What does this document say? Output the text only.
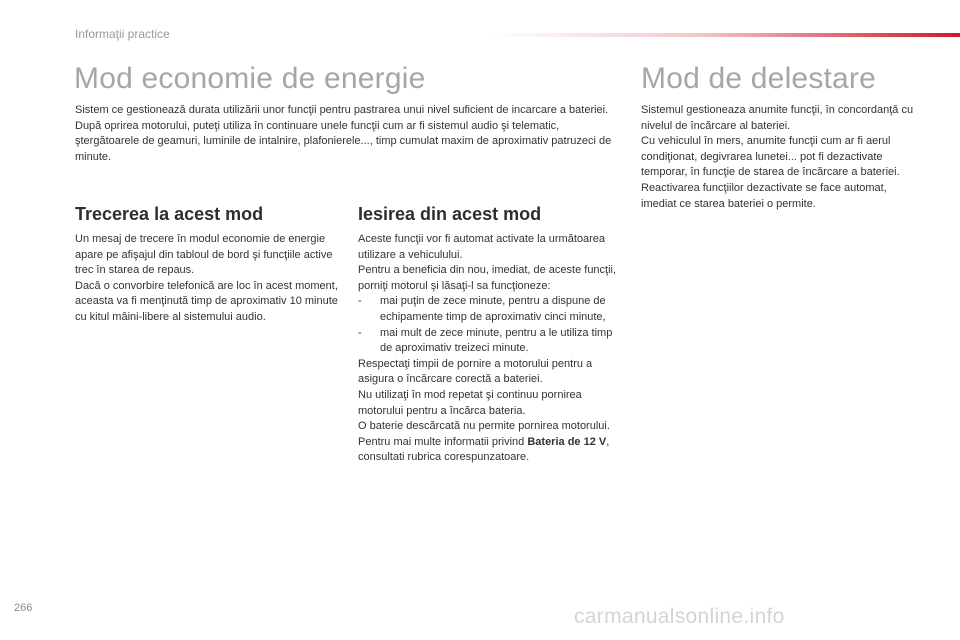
Informaţii practice
Mod economie de energie	Mod de delestare

Sistem ce gestionează durata utilizării unor funcţii pentru pastrarea unui nivel suficient de incarcare a bateriei.

După oprirea motorului, puteţi utiliza în continuare unele funcţii cum ar fi sistemul audio şi telematic, ştergătoarele de geamuri, luminile de intalnire, plafonierele..., timp cumulat maxim de aproximativ patruzeci de minute.

Trecerea la acest mod	Iesirea din acest mod

Un mesaj de trecere în modul economie de energie apare pe afişajul din tabloul de bord şi funcţiile active trec în starea de repaus.

Dacă o convorbire telefonică are loc în acest moment, aceasta va fi menţinută timp de aproximativ 10 minute cu kitul mâini-libere al sistemului audio.

Aceste funcţii vor fi automat activate la următoarea utilizare a vehiculului.

Pentru a beneficia din nou, imediat, de aceste funcţii, porniţi motorul şi lăsaţi-l sa funcţioneze:

-	mai puţin de zece minute, pentru a dispune de echipamente timp de aproximativ cinci minute,
-	mai mult de zece minute, pentru a le utiliza timp de aproximativ treizeci minute.

Respectaţi timpii de pornire a motorului pentru a asigura o încărcare corectă a bateriei.

Nu utilizaţi în mod repetat şi continuu pornirea motorului pentru a încărca bateria.

O baterie descărcată nu permite pornirea motorului.

Pentru mai multe informatii privind Bateria de 12 V, consultati rubrica corespunzatoare.

Sistemul gestioneaza anumite funcţii, în concordanţă cu nivelul de încărcare al bateriei.

Cu vehiculul în mers, anumite funcţii cum ar fi aerul condiţionat, degivrarea lunetei... pot fi dezactivate temporar, în funcţie de starea de încărcare a bateriei.

Reactivarea funcţiilor dezactivate se face automat, imediat ce starea bateriei o permite.

266	carmanualsonline.info
